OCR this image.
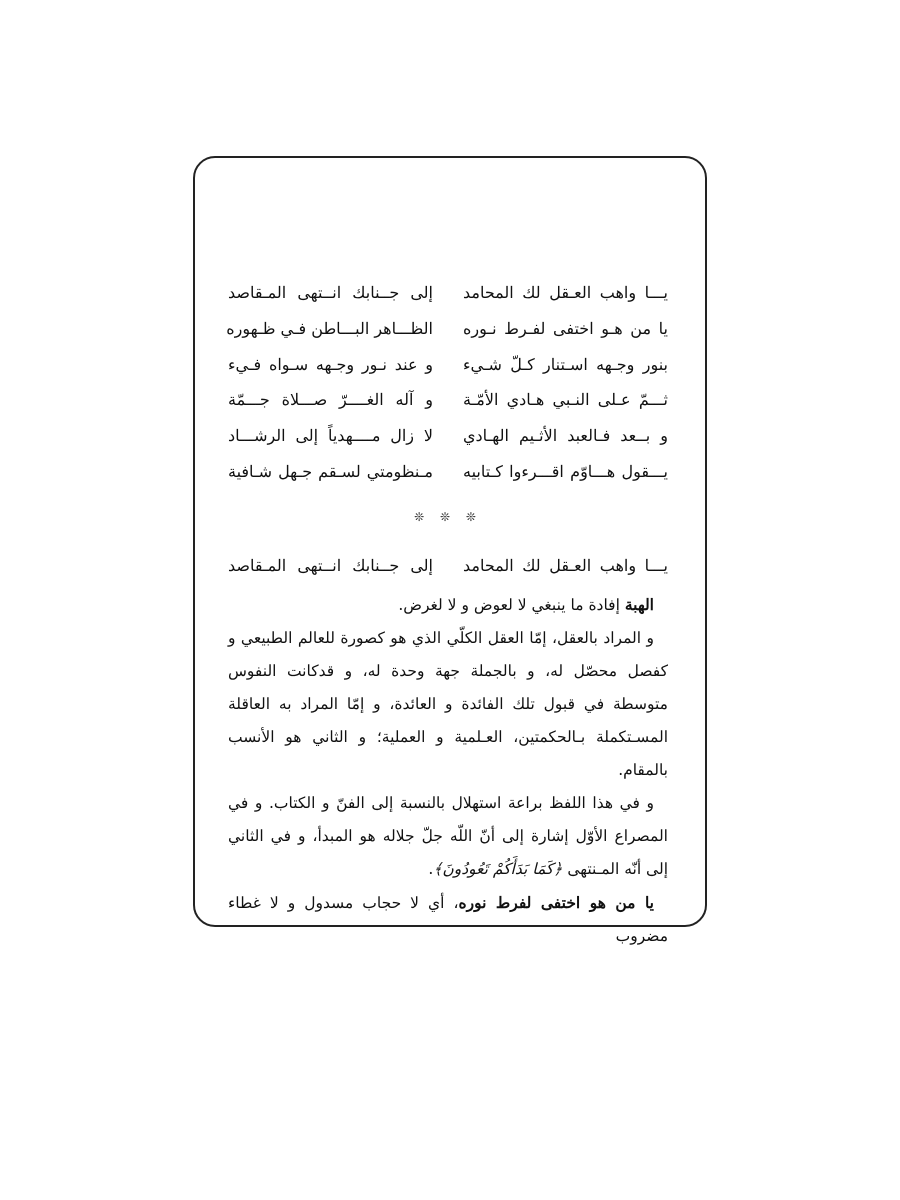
يـــا واهب العـقل لك المحامد
إلى جــنابك انــتهى المـقاصد
يا من هـو اختفى لفـرط نـوره
الظـــاهر البـــاطن فـي ظـهوره
بنور وجـهه اسـتنار كـلّ شـيء
و عند نـور وجـهه سـواه فـيء
ثـــمّ عـلى النـبي هـادي الأمّـة
و آله الغــــرّ صـــلاة جـــمّة
و بــعد فـالعبد الأثـيم الهـادي
لا زال مــــهدياً إلى الرشـــاد
يـــقول هـــاوّم اقـــرءوا كـتابيه
مـنظومتي لسـقم جـهل شـافية
❊ ❊ ❊
يـــا واهب العـقل لك المحامد
إلى جــنابك انــتهى المـقاصد

الهبة إفادة ما ينبغي لا لعوض و لا لغرض.

و المراد بالعقل، إمّا العقل الكلّي الذي هو كصورة للعالم الطبيعي و كفصل محصّل له، و بالجملة جهة وحدة له، و قدكانت النفوس متوسطة في قبول تلك الفائدة و العائدة، و إمّا المراد به العاقلة المسـتكملة بـالحكمتين، العـلمية و العملية؛ و الثاني هو الأنسب بالمقام.

و في هذا اللفظ براعة استهلال بالنسبة إلى الفنّ و الكتاب. و في المصراع الأوّل إشارة إلى أنّ اللّه جلّ جلاله هو المبدأ، و في الثاني إلى أنّه المـنتهى ﴿كَمَا بَدَأَكُمْ تَعُودُونَ﴾.

يا من هو اختفى لفرط نوره، أي لا حجاب مسدول و لا غطاء مضروب
